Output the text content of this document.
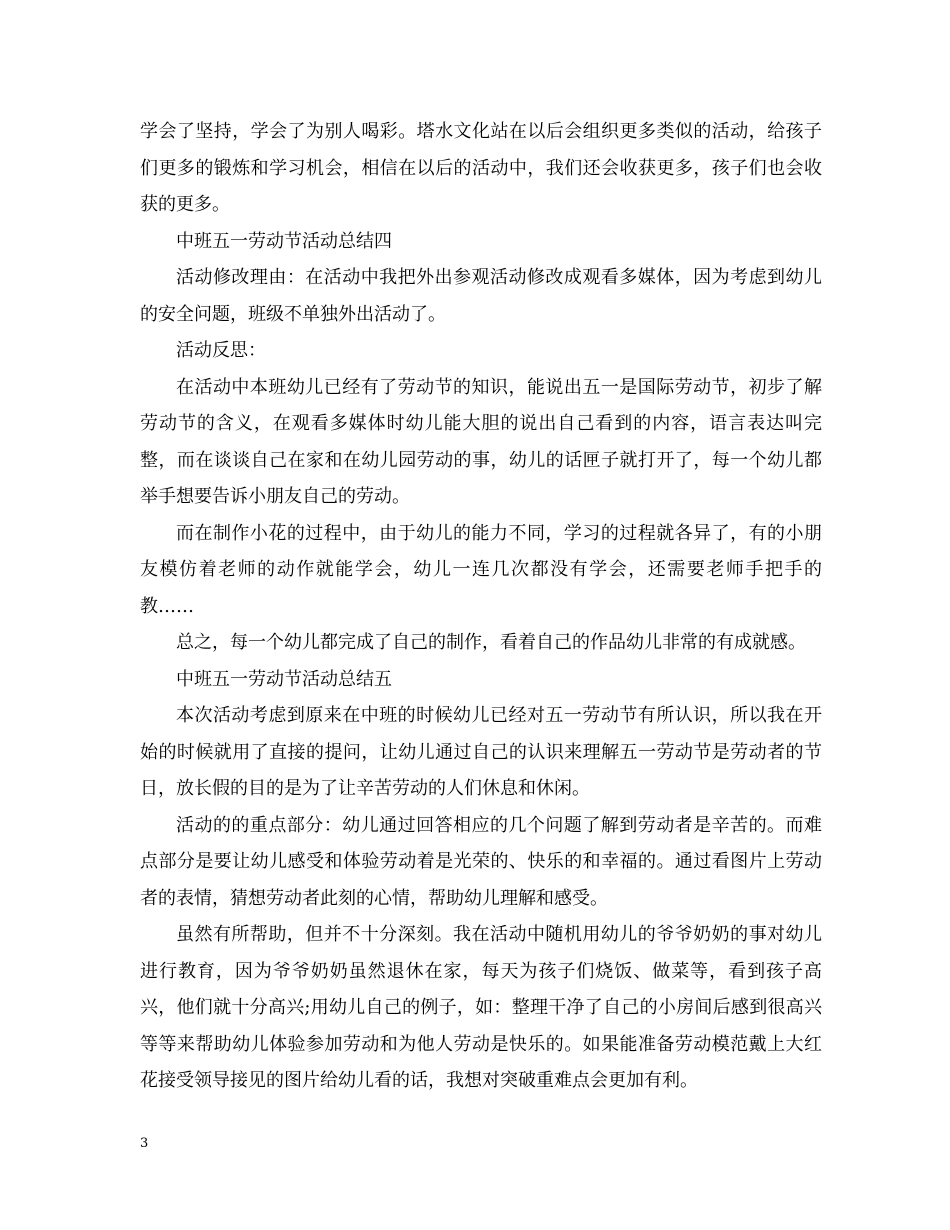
学会了坚持，学会了为别人喝彩。塔水文化站在以后会组织更多类似的活动，给孩子们更多的锻炼和学习机会，相信在以后的活动中，我们还会收获更多，孩子们也会收获的更多。

中班五一劳动节活动总结四

活动修改理由：在活动中我把外出参观活动修改成观看多媒体，因为考虑到幼儿的安全问题，班级不单独外出活动了。

活动反思：

在活动中本班幼儿已经有了劳动节的知识，能说出五一是国际劳动节，初步了解劳动节的含义，在观看多媒体时幼儿能大胆的说出自己看到的内容，语言表达叫完整，而在谈谈自己在家和在幼儿园劳动的事，幼儿的话匣子就打开了，每一个幼儿都举手想要告诉小朋友自己的劳动。

而在制作小花的过程中，由于幼儿的能力不同，学习的过程就各异了，有的小朋友模仿着老师的动作就能学会，幼儿一连几次都没有学会，还需要老师手把手的教……

总之，每一个幼儿都完成了自己的制作，看着自己的作品幼儿非常的有成就感。

中班五一劳动节活动总结五

本次活动考虑到原来在中班的时候幼儿已经对五一劳动节有所认识，所以我在开始的时候就用了直接的提问，让幼儿通过自己的认识来理解五一劳动节是劳动者的节日，放长假的目的是为了让辛苦劳动的人们休息和休闲。

活动的的重点部分：幼儿通过回答相应的几个问题了解到劳动者是辛苦的。而难点部分是要让幼儿感受和体验劳动着是光荣的、快乐的和幸福的。通过看图片上劳动者的表情，猜想劳动者此刻的心情，帮助幼儿理解和感受。

虽然有所帮助，但并不十分深刻。我在活动中随机用幼儿的爷爷奶奶的事对幼儿进行教育，因为爷爷奶奶虽然退休在家，每天为孩子们烧饭、做菜等，看到孩子高兴，他们就十分高兴;用幼儿自己的例子，如：整理干净了自己的小房间后感到很高兴等等来帮助幼儿体验参加劳动和为他人劳动是快乐的。如果能准备劳动模范戴上大红花接受领导接见的图片给幼儿看的话，我想对突破重难点会更加有利。

3
